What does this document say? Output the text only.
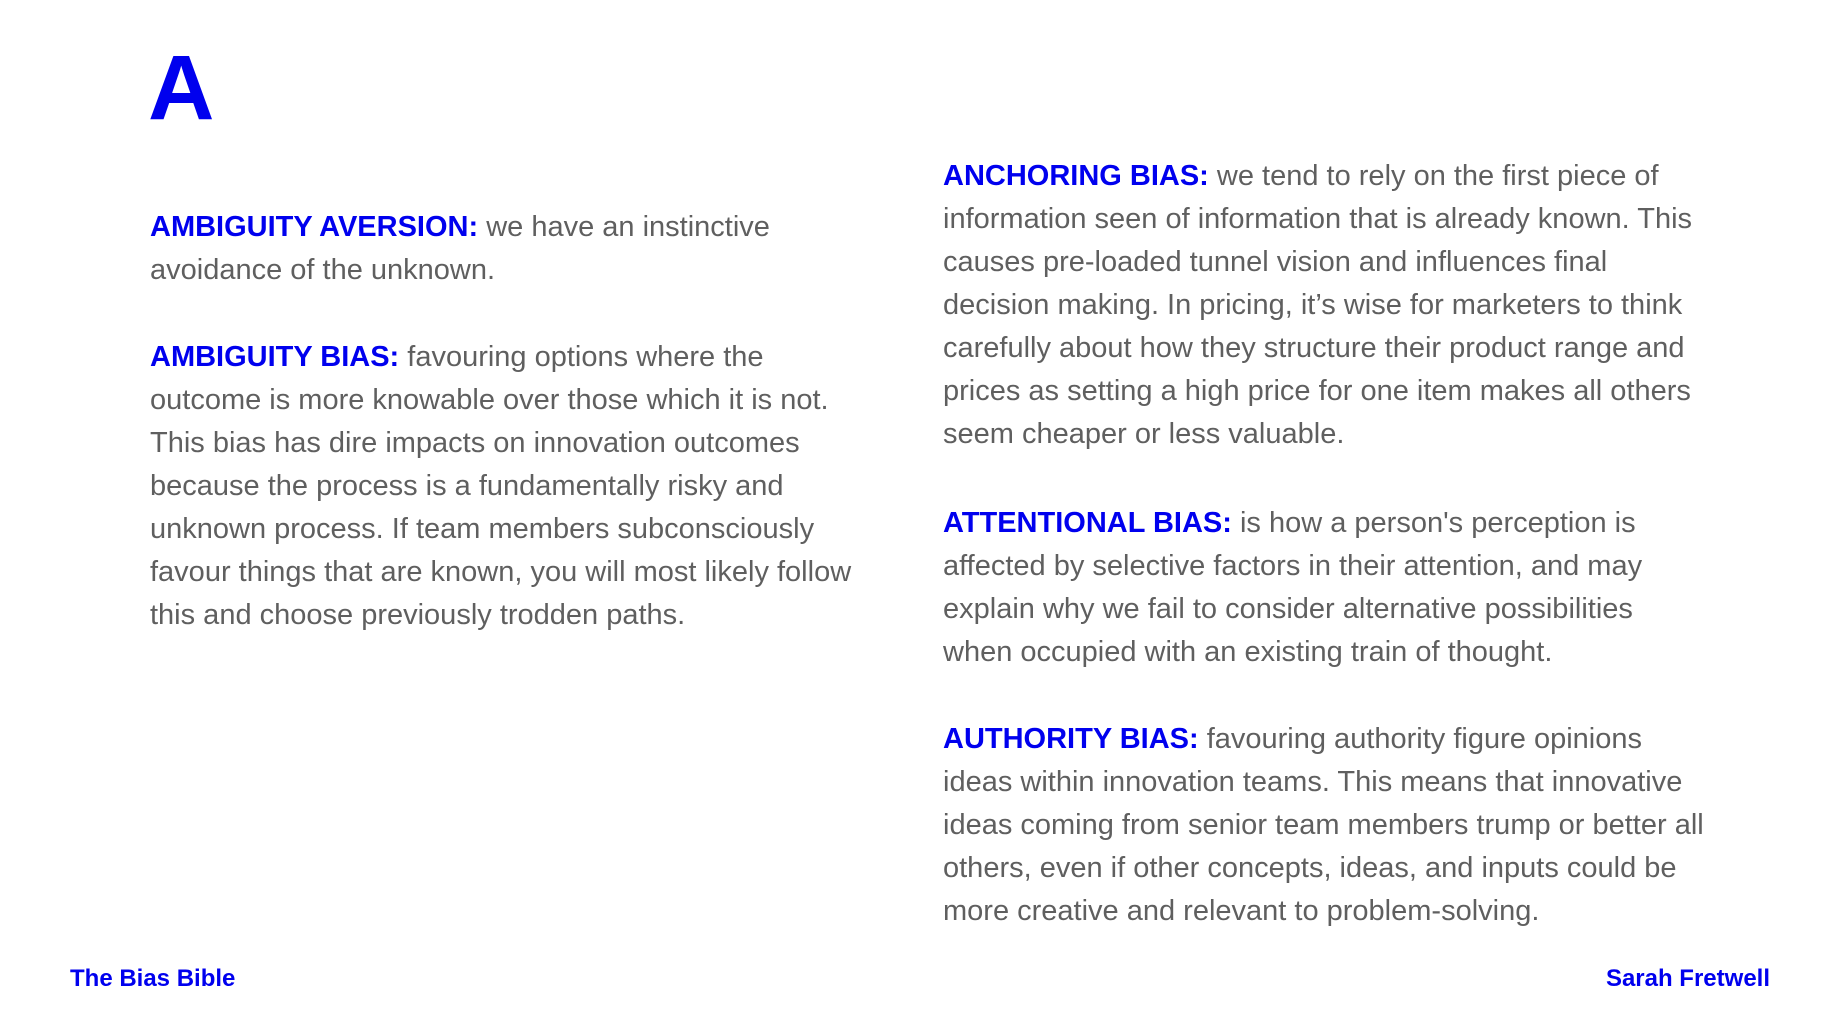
A

AMBIGUITY AVERSION: we have an instinctive avoidance of the unknown.

AMBIGUITY BIAS: favouring options where the outcome is more knowable over those which it is not. This bias has dire impacts on innovation outcomes because the process is a fundamentally risky and unknown process. If team members subconsciously favour things that are known, you will most likely follow this and choose previously trodden paths.

ANCHORING BIAS: we tend to rely on the first piece of information seen of information that is already known. This causes pre-loaded tunnel vision and influences final decision making. In pricing, it’s wise for marketers to think carefully about how they structure their product range and prices as setting a high price for one item makes all others seem cheaper or less valuable.

ATTENTIONAL BIAS: is how a person's perception is affected by selective factors in their attention, and may explain why we fail to consider alternative possibilities when occupied with an existing train of thought.

AUTHORITY BIAS: favouring authority figure opinions ideas within innovation teams. This means that innovative ideas coming from senior team members trump or better all others, even if other concepts, ideas, and inputs could be more creative and relevant to problem-solving.

The Bias Bible	Sarah Fretwell
